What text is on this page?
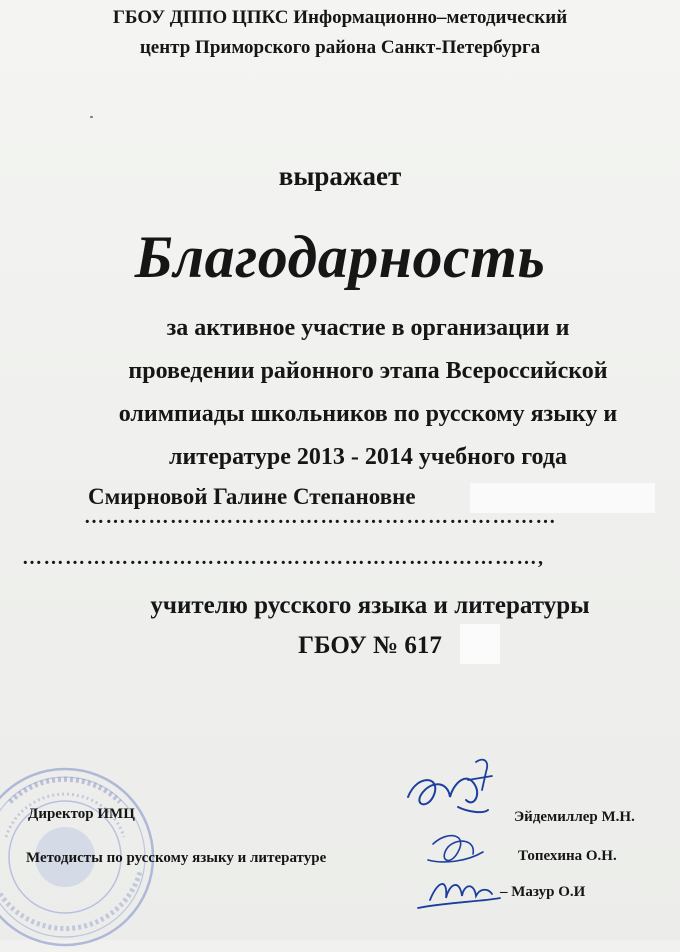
ГБОУ ДППО ЦПКС Информационно–методический
центр Приморского района Санкт-Петербурга
выражает
Благодарность
за активное участие в организации и
проведении районного этапа Всероссийской
олимпиады школьников по русскому языку и
литературе 2013 - 2014 учебного года
Смирновой Галине Степановне
…………………………………………………………
………………………………………………………………,
учителю русского языка и литературы
ГБОУ № 617
Директор ИМЦ
Методисты по русскому языку и литературе
Эйдемиллер М.Н.
Топехина О.Н.
– Мазур О.И
